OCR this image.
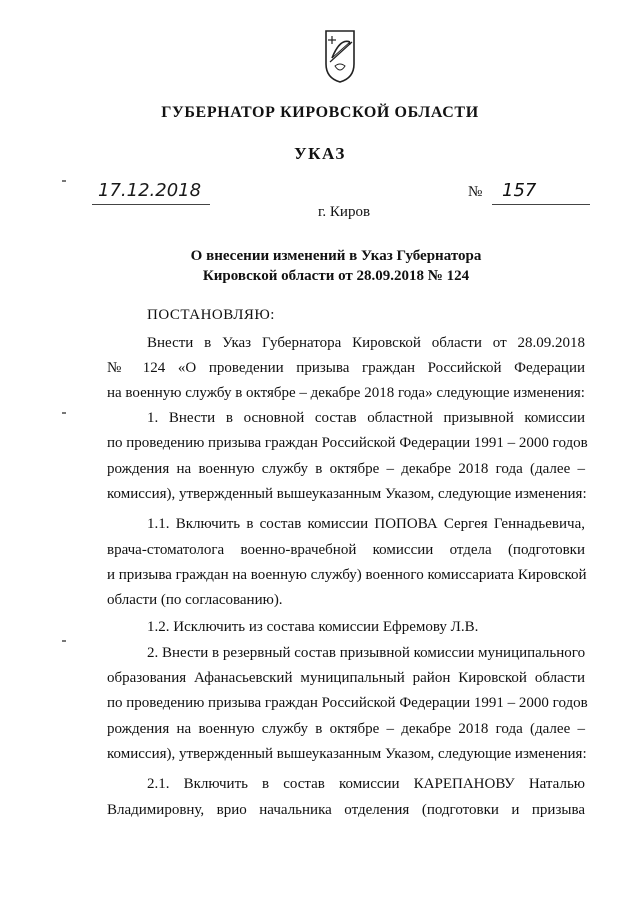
ГУБЕРНАТОР КИРОВСКОЙ ОБЛАСТИ
УКАЗ
17.12.2018	№	157
г. Киров
О внесении изменений в Указ Губернатора
Кировской области от 28.09.2018 № 124
ПОСТАНОВЛЯЮ:
Внести в Указ Губернатора Кировской области от 28.09.2018
№ 124 «О проведении призыва граждан Российской Федерации
на военную службу в октябре – декабре 2018 года» следующие изменения:
1. Внести в основной состав областной призывной комиссии
по проведению призыва граждан Российской Федерации 1991 – 2000 годов
рождения на военную службу в октябре – декабре 2018 года (далее –
комиссия), утвержденный вышеуказанным Указом, следующие изменения:
1.1. Включить в состав комиссии ПОПОВА Сергея Геннадьевича,
врача-стоматолога военно-врачебной комиссии отдела (подготовки
и призыва граждан на военную службу) военного комиссариата Кировской
области (по согласованию).
1.2. Исключить из состава комиссии Ефремову Л.В.
2. Внести в резервный состав призывной комиссии муниципального
образования Афанасьевский муниципальный район Кировской области
по проведению призыва граждан Российской Федерации 1991 – 2000 годов
рождения на военную службу в октябре – декабре 2018 года (далее –
комиссия), утвержденный вышеуказанным Указом, следующие изменения:
2.1. Включить в состав комиссии КАРЕПАНОВУ Наталью
Владимировну, врио начальника отделения (подготовки и призыва
